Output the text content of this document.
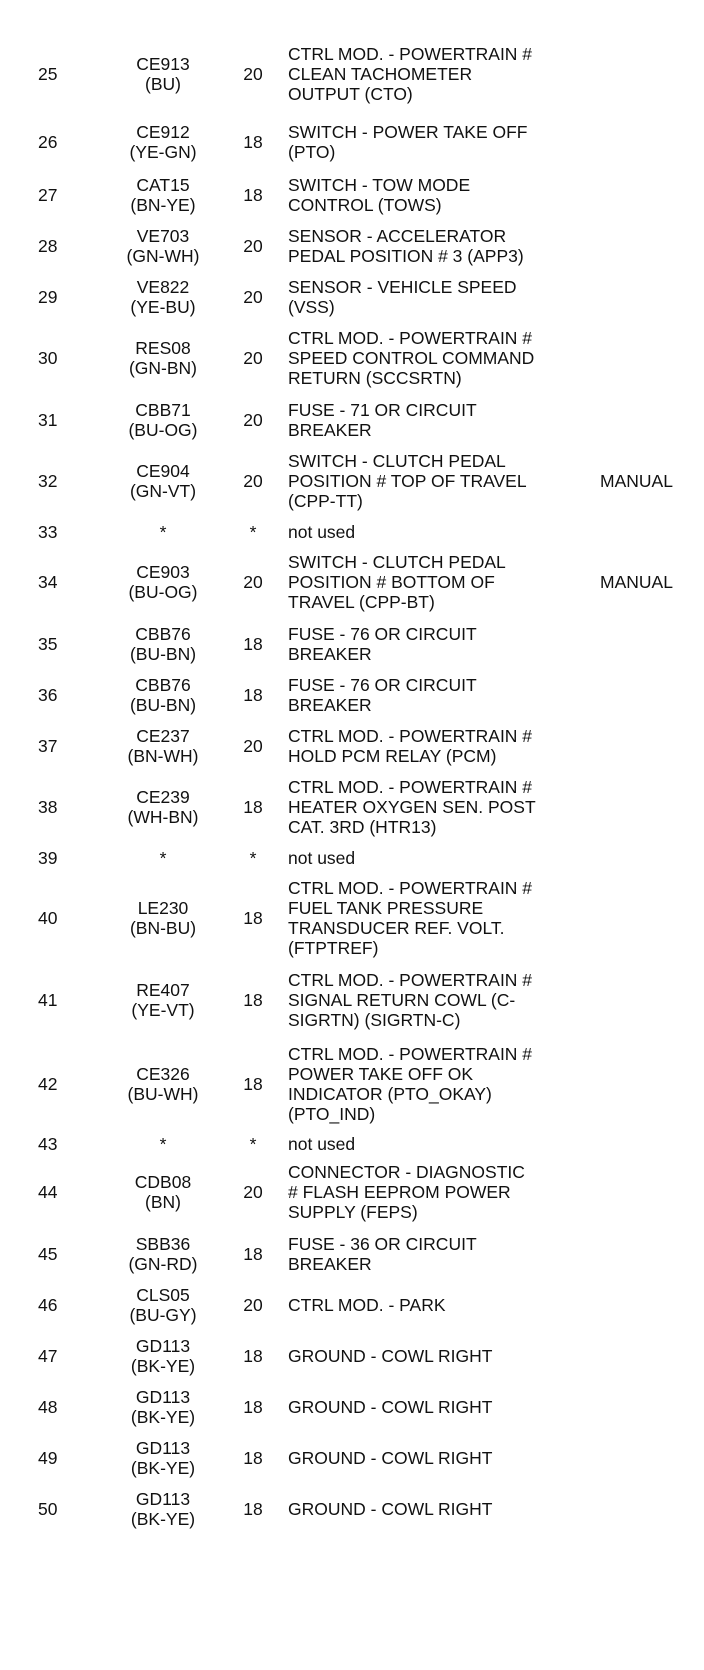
25	CE913
(BU)	20	CTRL MOD. - POWERTRAIN #
CLEAN TACHOMETER
OUTPUT (CTO)	

26	CE912
(YE-GN)	18	SWITCH - POWER TAKE OFF
(PTO)	

27	CAT15
(BN-YE)	18	SWITCH - TOW MODE
CONTROL (TOWS)	

28	VE703
(GN-WH)	20	SENSOR - ACCELERATOR
PEDAL POSITION # 3 (APP3)	

29	VE822
(YE-BU)	20	SENSOR - VEHICLE SPEED
(VSS)	

30	RES08
(GN-BN)	20	CTRL MOD. - POWERTRAIN #
SPEED CONTROL COMMAND
RETURN (SCCSRTN)	

31	CBB71
(BU-OG)	20	FUSE - 71 OR CIRCUIT
BREAKER	

32	CE904
(GN-VT)	20	SWITCH - CLUTCH PEDAL
POSITION # TOP OF TRAVEL
(CPP-TT)	MANUAL
33	*	*	not used	

34	CE903
(BU-OG)	20	SWITCH - CLUTCH PEDAL
POSITION # BOTTOM OF
TRAVEL (CPP-BT)	MANUAL
35	CBB76
(BU-BN)	18	FUSE - 76 OR CIRCUIT
BREAKER	

36	CBB76
(BU-BN)	18	FUSE - 76 OR CIRCUIT
BREAKER	

37	CE237
(BN-WH)	20	CTRL MOD. - POWERTRAIN #
HOLD PCM RELAY (PCM)	

38	CE239
(WH-BN)	18	CTRL MOD. - POWERTRAIN #
HEATER OXYGEN SEN. POST
CAT. 3RD (HTR13)	

39	*	*	not used	

40	LE230
(BN-BU)	18	CTRL MOD. - POWERTRAIN #
FUEL TANK PRESSURE
TRANSDUCER REF. VOLT.
(FTPTREF)	

41	RE407
(YE-VT)	18	CTRL MOD. - POWERTRAIN #
SIGNAL RETURN COWL (C-
SIGRTN) (SIGRTN-C)	

42	CE326
(BU-WH)	18	CTRL MOD. - POWERTRAIN #
POWER TAKE OFF OK
INDICATOR (PTO_OKAY)
(PTO_IND)	

43	*	*	not used	

44	CDB08
(BN)	20	CONNECTOR - DIAGNOSTIC
# FLASH EEPROM POWER
SUPPLY (FEPS)	

45	SBB36
(GN-RD)	18	FUSE - 36 OR CIRCUIT
BREAKER	

46	CLS05
(BU-GY)	20	CTRL MOD. - PARK	

47	GD113
(BK-YE)	18	GROUND - COWL RIGHT	

48	GD113
(BK-YE)	18	GROUND - COWL RIGHT	

49	GD113
(BK-YE)	18	GROUND - COWL RIGHT	

50	GD113
(BK-YE)	18	GROUND - COWL RIGHT	
